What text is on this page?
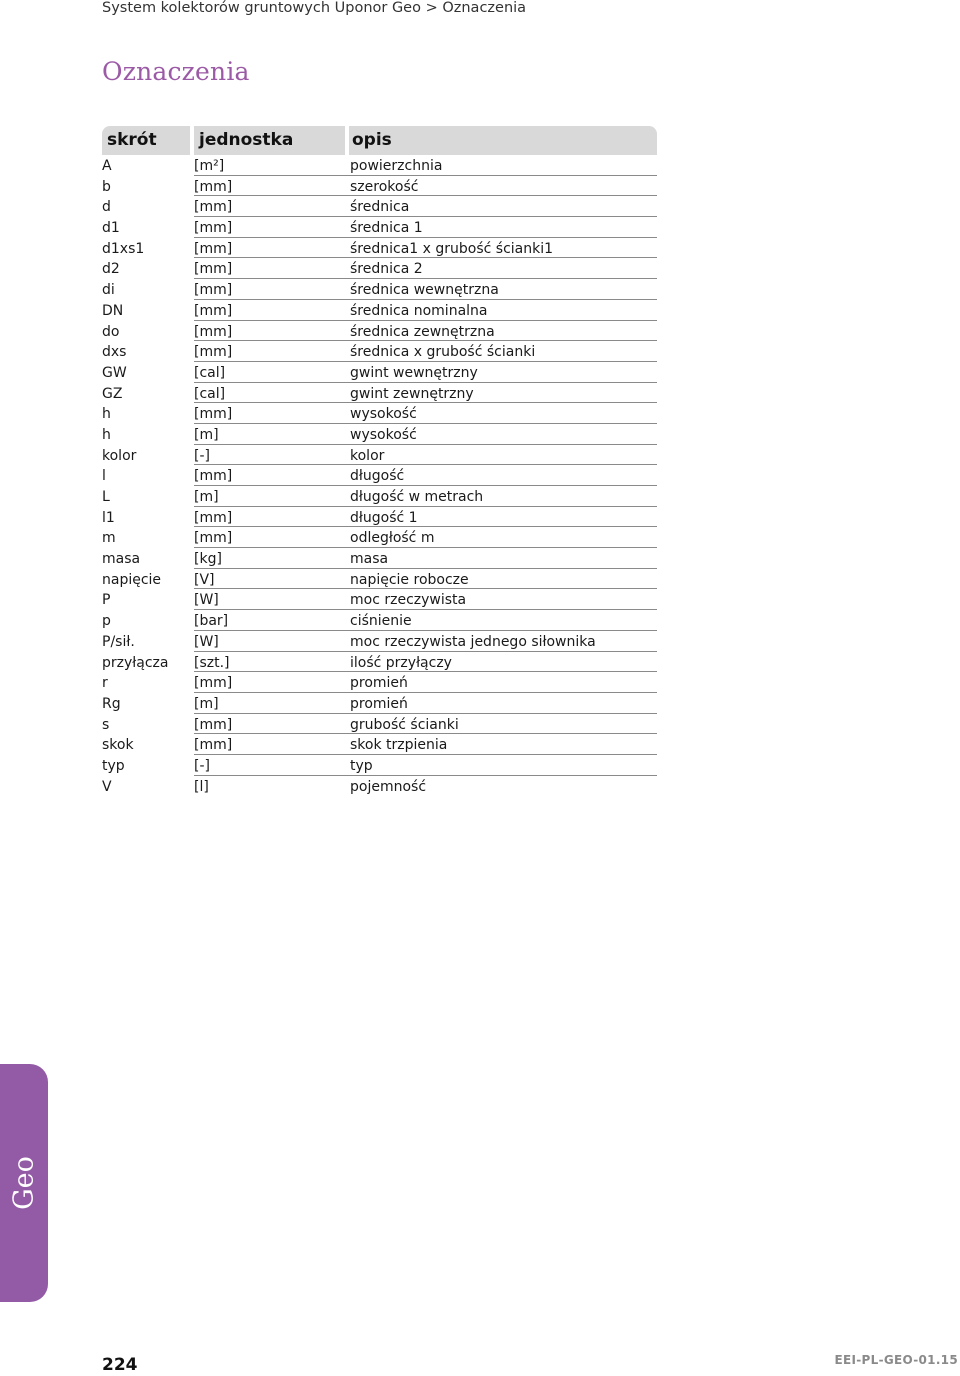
System kolektorów gruntowych Uponor Geo > Oznaczenia
Oznaczenia
skrót	jednostka	opis
A	[m²]	powierzchnia
b	[mm]	szerokość
d	[mm]	średnica
d1	[mm]	średnica 1
d1xs1	[mm]	średnica1 x grubość ścianki1
d2	[mm]	średnica 2
di	[mm]	średnica wewnętrzna
DN	[mm]	średnica nominalna
do	[mm]	średnica zewnętrzna
dxs	[mm]	średnica x grubość ścianki
GW	[cal]	gwint wewnętrzny
GZ	[cal]	gwint zewnętrzny
h	[mm]	wysokość
h	[m]	wysokość
kolor	[-]	kolor
l	[mm]	długość
L	[m]	długość w metrach
l1	[mm]	długość 1
m	[mm]	odległość m
masa	[kg]	masa
napięcie	[V]	napięcie robocze
P	[W]	moc rzeczywista
p	[bar]	ciśnienie
P/sił.	[W]	moc rzeczywista jednego siłownika
przyłącza	[szt.]	ilość przyłączy
r	[mm]	promień
Rg	[m]	promień
s	[mm]	grubość ścianki
skok	[mm]	skok trzpienia
typ	[-]	typ
V	[l]	pojemność
Geo
224	EEI-PL-GEO-01.15
